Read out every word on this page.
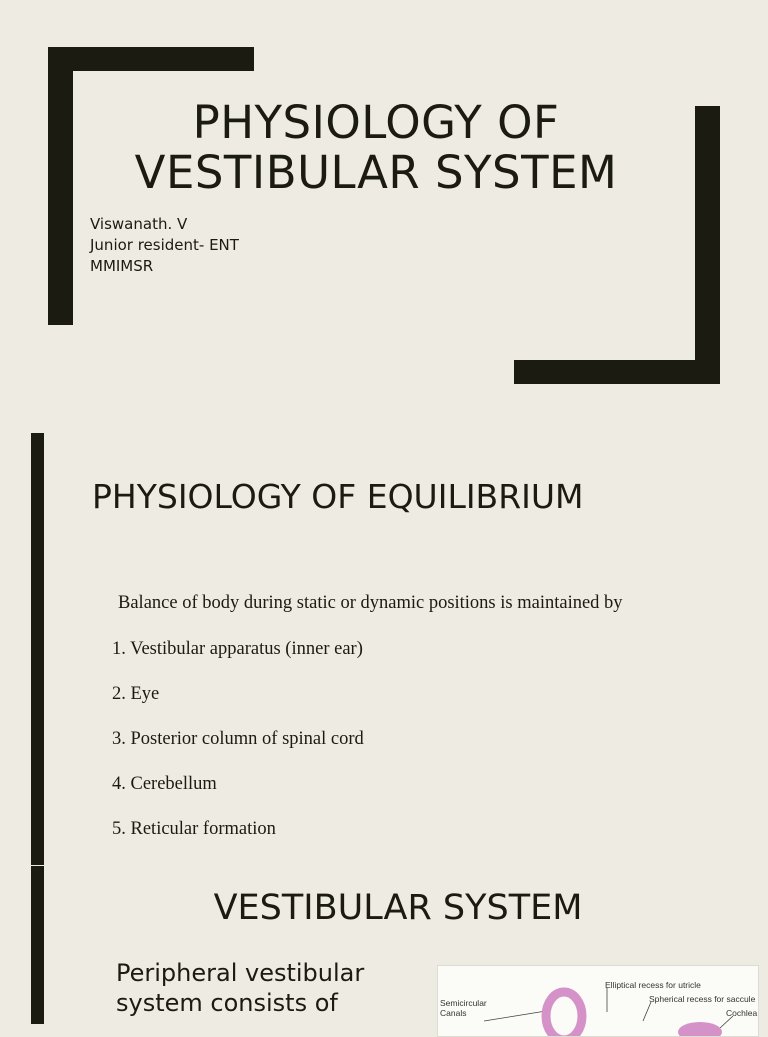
PHYSIOLOGY OF
VESTIBULAR SYSTEM
Viswanath. V
Junior resident- ENT
MMIMSR
PHYSIOLOGY OF EQUILIBRIUM
Balance of body during static or dynamic positions is maintained by
1. Vestibular apparatus (inner ear)
2. Eye
3. Posterior column of spinal cord
4. Cerebellum
5. Reticular formation
VESTIBULAR SYSTEM
Peripheral vestibular system consists of	Semicircular
Canals
Elliptical recess for utricle
Spherical recess for saccule
Cochlea
